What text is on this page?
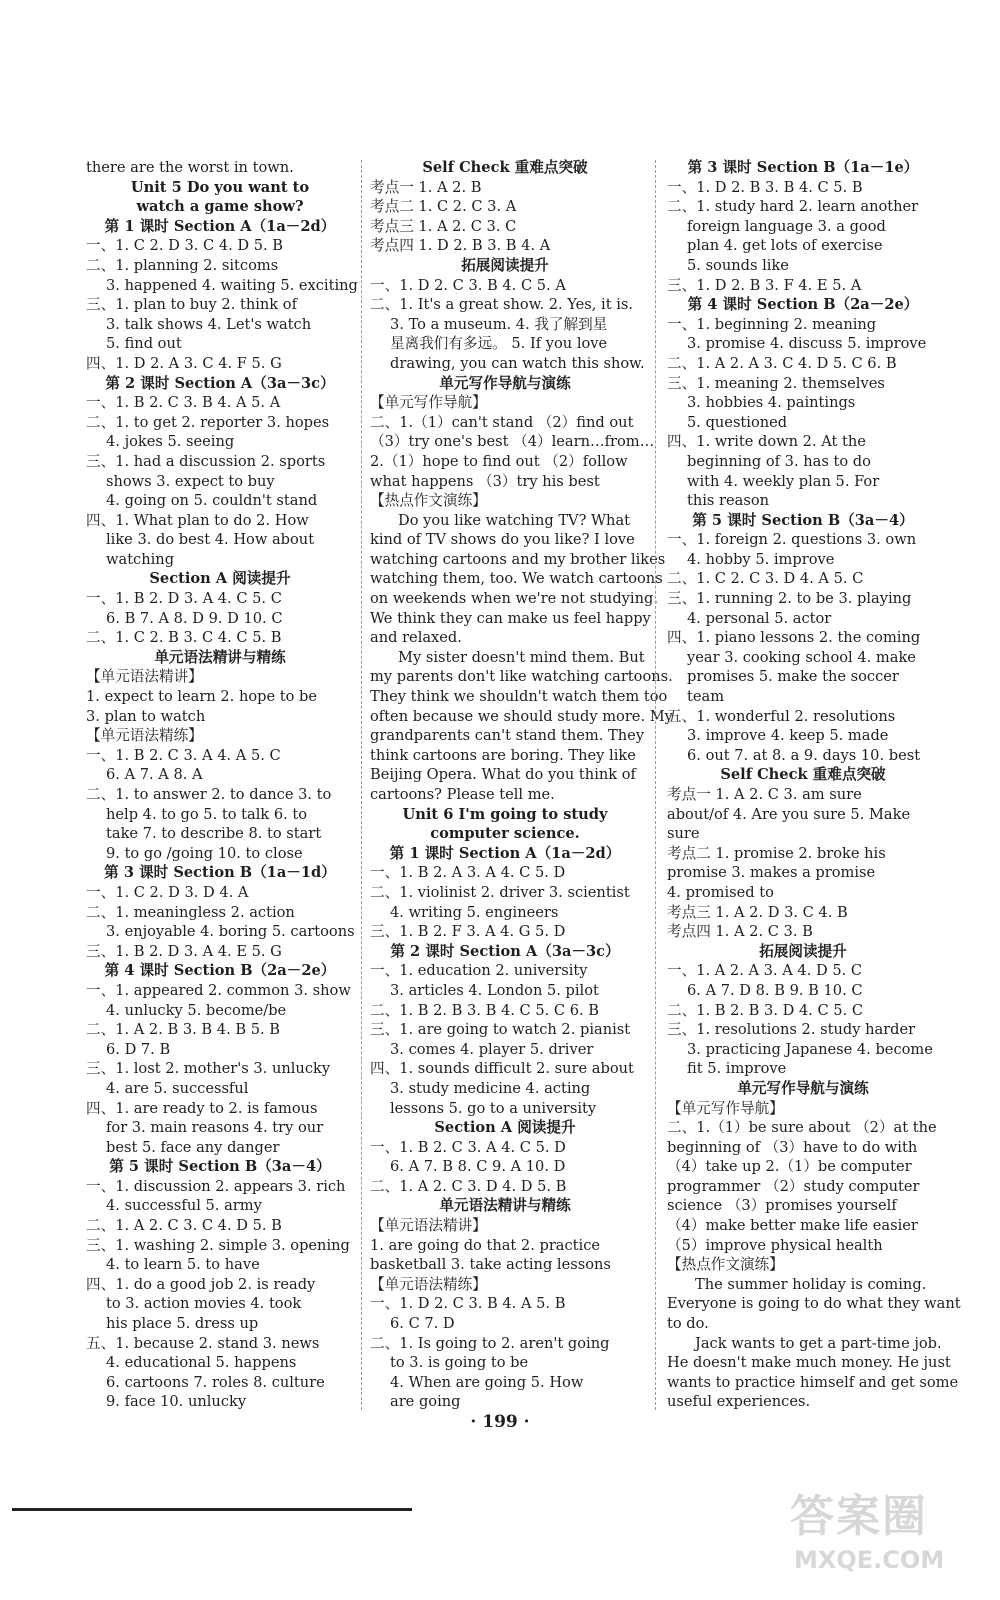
there are the worst in town.
Unit 5 Do you want to
watch a game show?
第 1 课时 Section A（1a－2d）
一、1. C 2. D 3. C 4. D 5. B
二、1. planning 2. sitcoms
3. happened 4. waiting 5. exciting
三、1. plan to buy 2. think of
3. talk shows 4. Let's watch
5. find out
四、1. D 2. A 3. C 4. F 5. G
第 2 课时 Section A（3a－3c）
一、1. B 2. C 3. B 4. A 5. A
二、1. to get 2. reporter 3. hopes
4. jokes 5. seeing
三、1. had a discussion 2. sports
shows 3. expect to buy
4. going on 5. couldn't stand
四、1. What plan to do 2. How
like 3. do best 4. How about
watching
Section A 阅读提升
一、1. B 2. D 3. A 4. C 5. C
6. B 7. A 8. D 9. D 10. C
二、1. C 2. B 3. C 4. C 5. B
单元语法精讲与精练
【单元语法精讲】
1. expect to learn 2. hope to be
3. plan to watch
【单元语法精练】
一、1. B 2. C 3. A 4. A 5. C
6. A 7. A 8. A
二、1. to answer 2. to dance 3. to
help 4. to go 5. to talk 6. to
take 7. to describe 8. to start
9. to go /going 10. to close
第 3 课时 Section B（1a－1d）
一、1. C 2. D 3. D 4. A
二、1. meaningless 2. action
3. enjoyable 4. boring 5. cartoons
三、1. B 2. D 3. A 4. E 5. G
第 4 课时 Section B（2a－2e）
一、1. appeared 2. common 3. show
4. unlucky 5. become/be
二、1. A 2. B 3. B 4. B 5. B
6. D 7. B
三、1. lost 2. mother's 3. unlucky
4. are 5. successful
四、1. are ready to 2. is famous
for 3. main reasons 4. try our
best 5. face any danger
第 5 课时 Section B（3a－4）
一、1. discussion 2. appears 3. rich
4. successful 5. army
二、1. A 2. C 3. C 4. D 5. B
三、1. washing 2. simple 3. opening
4. to learn 5. to have
四、1. do a good job 2. is ready
to 3. action movies 4. took
his place 5. dress up
五、1. because 2. stand 3. news
4. educational 5. happens
6. cartoons 7. roles 8. culture
9. face 10. unlucky
Self Check 重难点突破
考点一 1. A 2. B
考点二 1. C 2. C 3. A
考点三 1. A 2. C 3. C
考点四 1. D 2. B 3. B 4. A
拓展阅读提升
一、1. D 2. C 3. B 4. C 5. A
二、1. It's a great show. 2. Yes, it is.
3. To a museum. 4. 我了解到星
星离我们有多远。 5. If you love
drawing, you can watch this show.
单元写作导航与演练
【单元写作导航】
二、1.（1）can't stand （2）find out
（3）try one's best （4）learn…from…
2.（1）hope to find out （2）follow
what happens （3）try his best
【热点作文演练】
Do you like watching TV? What
kind of TV shows do you like? I love
watching cartoons and my brother likes
watching them, too. We watch cartoons
on weekends when we're not studying.
We think they can make us feel happy
and relaxed.
My sister doesn't mind them. But
my parents don't like watching cartoons.
They think we shouldn't watch them too
often because we should study more. My
grandparents can't stand them. They
think cartoons are boring. They like
Beijing Opera. What do you think of
cartoons? Please tell me.
Unit 6 I'm going to study
computer science.
第 1 课时 Section A（1a－2d）
一、1. B 2. A 3. A 4. C 5. D
二、1. violinist 2. driver 3. scientist
4. writing 5. engineers
三、1. B 2. F 3. A 4. G 5. D
第 2 课时 Section A（3a－3c）
一、1. education 2. university
3. articles 4. London 5. pilot
二、1. B 2. B 3. B 4. C 5. C 6. B
三、1. are going to watch 2. pianist
3. comes 4. player 5. driver
四、1. sounds difficult 2. sure about
3. study medicine 4. acting
lessons 5. go to a university
Section A 阅读提升
一、1. B 2. C 3. A 4. C 5. D
6. A 7. B 8. C 9. A 10. D
二、1. A 2. C 3. D 4. D 5. B
单元语法精讲与精练
【单元语法精讲】
1. are going do that 2. practice
basketball 3. take acting lessons
【单元语法精练】
一、1. D 2. C 3. B 4. A 5. B
6. C 7. D
二、1. Is going to 2. aren't going
to 3. is going to be
4. When are going 5. How
are going
第 3 课时 Section B（1a－1e）
一、1. D 2. B 3. B 4. C 5. B
二、1. study hard 2. learn another
foreign language 3. a good
plan 4. get lots of exercise
5. sounds like
三、1. D 2. B 3. F 4. E 5. A
第 4 课时 Section B（2a－2e）
一、1. beginning 2. meaning
3. promise 4. discuss 5. improve
二、1. A 2. A 3. C 4. D 5. C 6. B
三、1. meaning 2. themselves
3. hobbies 4. paintings
5. questioned
四、1. write down 2. At the
beginning of 3. has to do
with 4. weekly plan 5. For
this reason
第 5 课时 Section B（3a－4）
一、1. foreign 2. questions 3. own
4. hobby 5. improve
二、1. C 2. C 3. D 4. A 5. C
三、1. running 2. to be 3. playing
4. personal 5. actor
四、1. piano lessons 2. the coming
year 3. cooking school 4. make
promises 5. make the soccer
team
五、1. wonderful 2. resolutions
3. improve 4. keep 5. made
6. out 7. at 8. a 9. days 10. best
Self Check 重难点突破
考点一 1. A 2. C 3. am sure
about/of 4. Are you sure 5. Make
sure
考点二 1. promise 2. broke his
promise 3. makes a promise
4. promised to
考点三 1. A 2. D 3. C 4. B
考点四 1. A 2. C 3. B
拓展阅读提升
一、1. A 2. A 3. A 4. D 5. C
6. A 7. D 8. B 9. B 10. C
二、1. B 2. B 3. D 4. C 5. C
三、1. resolutions 2. study harder
3. practicing Japanese 4. become
fit 5. improve
单元写作导航与演练
【单元写作导航】
二、1.（1）be sure about （2）at the
beginning of （3）have to do with
（4）take up 2.（1）be computer
programmer （2）study computer
science （3）promises yourself
（4）make better make life easier
（5）improve physical health
【热点作文演练】
The summer holiday is coming.
Everyone is going to do what they want
to do.
Jack wants to get a part-time job.
He doesn't make much money. He just
wants to practice himself and get some
useful experiences.
· 199 ·
答案圈
MXQE.COM
